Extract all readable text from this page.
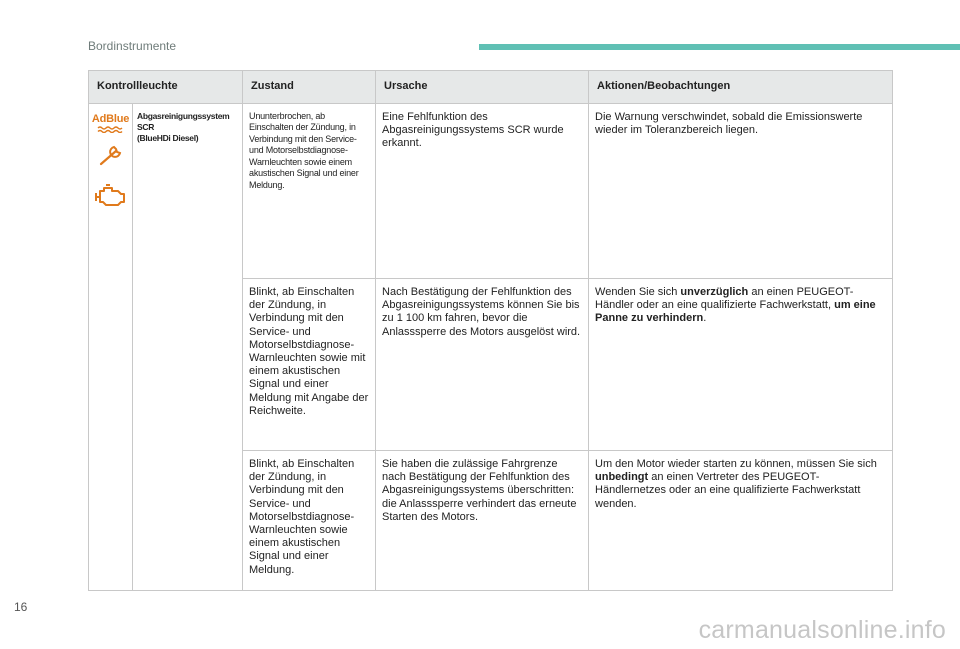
Bordinstrumente
Kontrollleuchte		Zustand	Ursache	Aktionen/Beobachtungen

AdBlue	Abgasreinigungssystem
SCR
(BlueHDi Diesel)	Ununterbrochen, ab Einschalten der Zündung, in Verbindung mit den Service- und Motorselbstdiagnose-Warnleuchten sowie einem akustischen Signal und einer Meldung.	Eine Fehlfunktion des Abgasreinigungssystems SCR wurde erkannt.	Die Warnung verschwindet, sobald die Emissionswerte wieder im Toleranzbereich liegen.

		Blinkt, ab Einschalten der Zündung, in Verbindung mit den Service- und Motorselbstdiagnose-Warnleuchten sowie mit einem akustischen Signal und einer Meldung mit Angabe der Reichweite.	Nach Bestätigung der Fehlfunktion des Abgasreinigungssystems können Sie bis zu 1 100 km fahren, bevor die Anlasssperre des Motors ausgelöst wird.	Wenden Sie sich unverzüglich an einen PEUGEOT-Händler oder an eine qualifizierte Fachwerkstatt, um eine Panne zu verhindern.

		Blinkt, ab Einschalten der Zündung, in Verbindung mit den Service- und Motorselbstdiagnose-Warnleuchten sowie einem akustischen Signal und einer Meldung.	Sie haben die zulässige Fahrgrenze nach Bestätigung der Fehlfunktion des Abgasreinigungssystems überschritten: die Anlasssperre verhindert das erneute Starten des Motors.	Um den Motor wieder starten zu können, müssen Sie sich unbedingt an einen Vertreter des PEUGEOT-Händlernetzes oder an eine qualifizierte Fachwerkstatt wenden.
16
carmanualsonline.info
